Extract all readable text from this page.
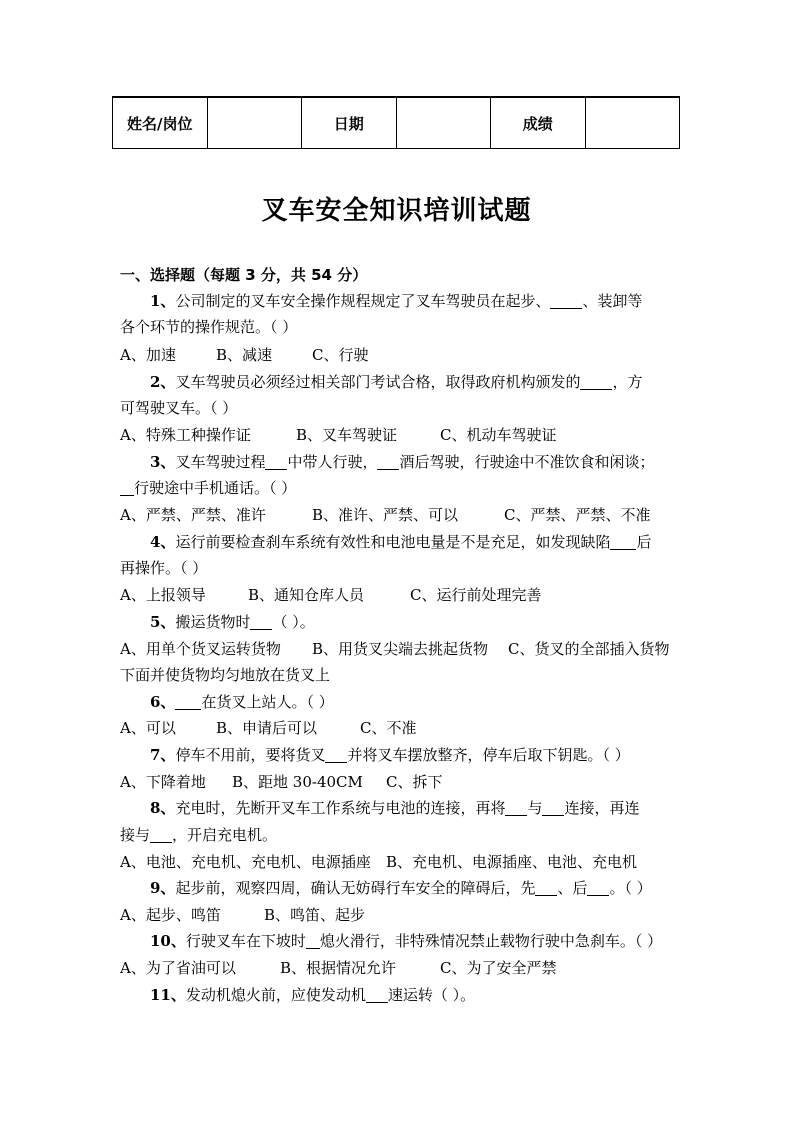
姓名/岗位		日期		成绩	
叉车安全知识培训试题
一、选择题（每题 3 分，共 54 分）
1、公司制定的叉车安全操作规程规定了叉车驾驶员在起步、 、装卸等
各个环节的操作规范。（ ）
A、加速	B、减速	C、行驶
2、叉车驾驶员必须经过相关部门考试合格，取得政府机构颁发的 ，方
可驾驶叉车。（ ）
A、特殊工种操作证	B、叉车驾驶证	C、机动车驾驶证
3、叉车驾驶过程 中带人行驶， 酒后驾驶，行驶途中不准饮食和闲谈；
行驶途中手机通话。（ ）
A、严禁、严禁、准许	B、准许、严禁、可以	C、严禁、严禁、不准
4、运行前要检查刹车系统有效性和电池电量是不是充足，如发现缺陷 后
再操作。（ ）
A、上报领导	B、通知仓库人员	C、运行前处理完善
5、搬运货物时 （ ）。
A、用单个货叉运转货物 B、用货叉尖端去挑起货物 C、货叉的全部插入货物
下面并使货物均匀地放在货叉上
6、 在货叉上站人。（ ）
A、可以	B、申请后可以	C、不准
7、停车不用前，要将货叉 并将叉车摆放整齐，停车后取下钥匙。（ ）
A、下降着地 B、距地 30-40CM C、拆下
8、充电时，先断开叉车工作系统与电池的连接，再将 与 连接，再连
接与 ，开启充电机。
A、电池、充电机、充电机、电源插座 B、充电机、电源插座、电池、充电机
9、起步前，观察四周，确认无妨碍行车安全的障碍后，先 、后 。（ ）
A、起步、鸣笛	B、鸣笛、起步
10、行驶叉车在下坡时 熄火滑行，非特殊情况禁止载物行驶中急刹车。（ ）
A、为了省油可以	B、根据情况允许	C、为了安全严禁
11、发动机熄火前，应使发动机 速运转（ ）。
